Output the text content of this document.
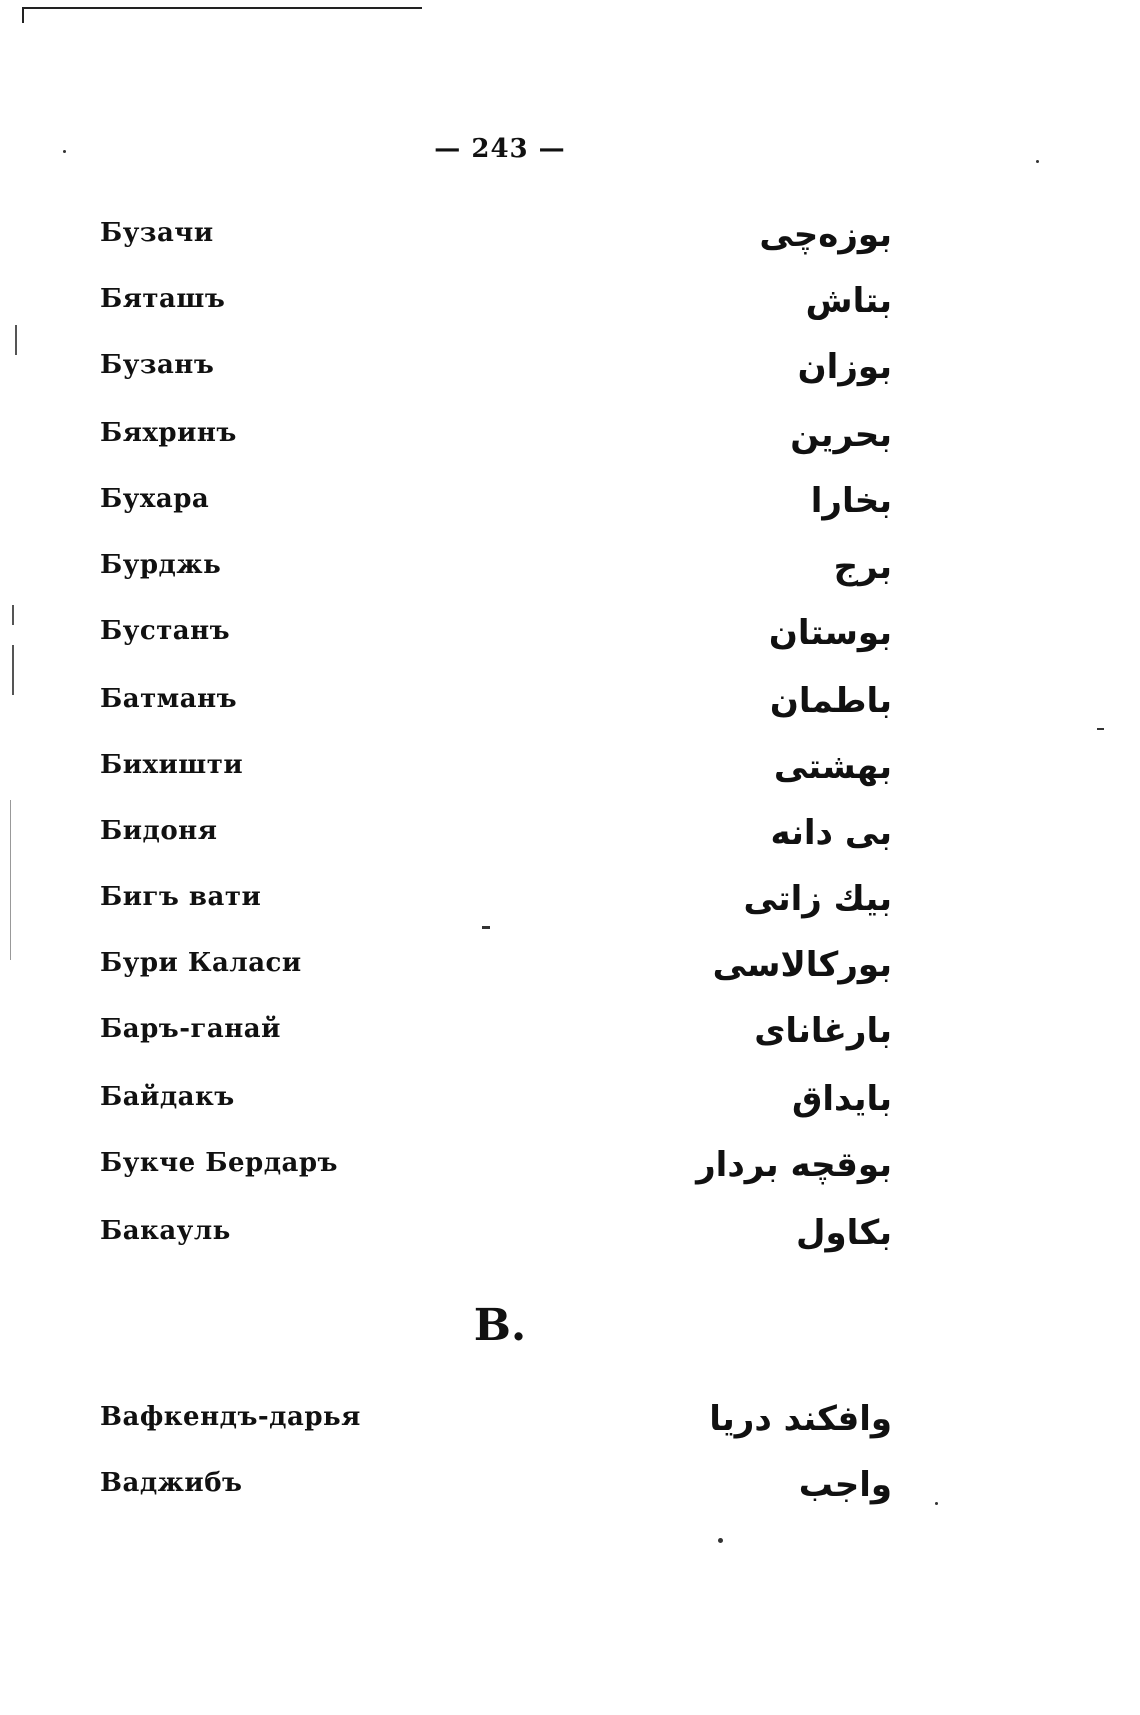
— 243 —
Бузачи	بوزەچى
Бяташъ	بتاش
Бузанъ	بوزان
Бяхринъ	بحرين
Бухара	بخارا
Бурджь	برج
Бустанъ	بوستان
Батманъ	باطمان
Бихишти	بهشتى
Бидоня	بى دانه
Бигъ вати	بيك زاتى
Бури Каласи	بوركالاسى
Баръ-ганай	بارغاناى
Байдакъ	بايداق
Букче Бердаръ	بوقچه بردار
Бакауль	بكاول
В.
Вафкендъ-дарья	وافكند دريا
Ваджибъ	واجب
